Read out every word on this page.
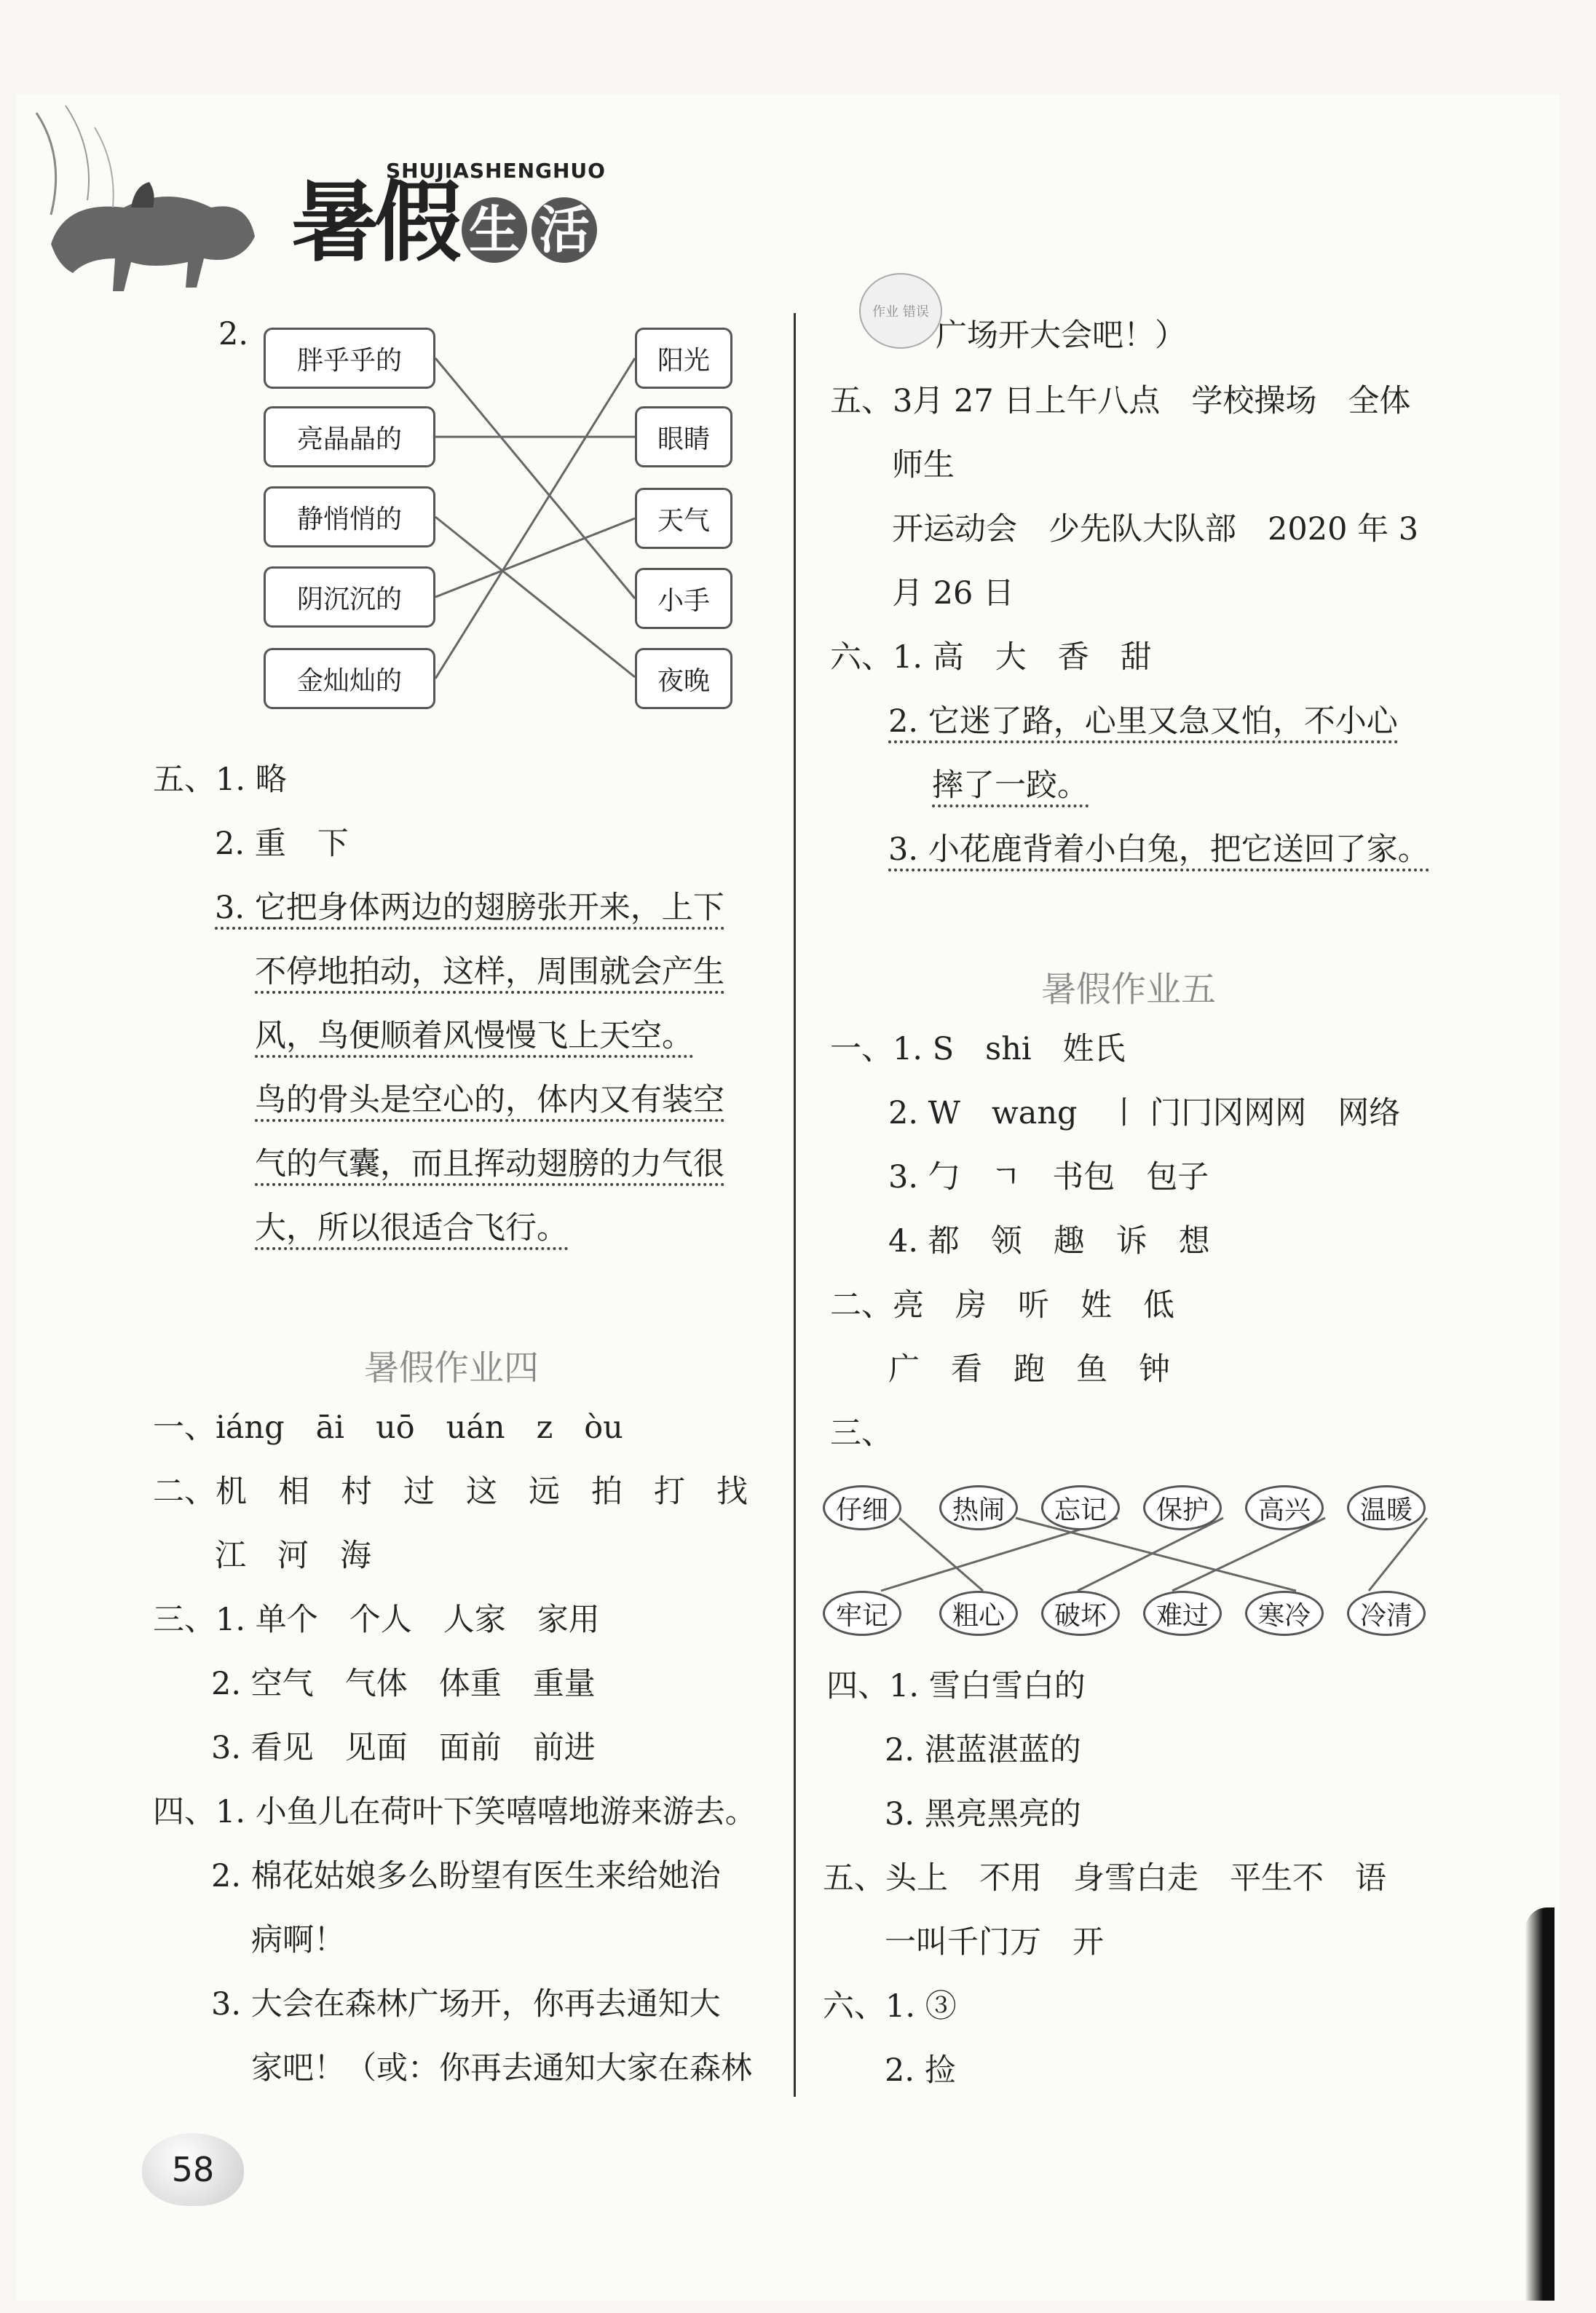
暑假 生 活
SHUJIASHENGHUO
2.
胖乎乎的
亮晶晶的
静悄悄的
阴沉沉的
金灿灿的
阳光
眼睛
天气
小手
夜晚
五、1. 略
2. 重　下
3. 它把身体两边的翅膀张开来，上下
不停地拍动，这样，周围就会产生
风，鸟便顺着风慢慢飞上天空。
鸟的骨头是空心的，体内又有装空
气的气囊，而且挥动翅膀的力气很
大，所以很适合飞行。
暑假作业四
一、iáng　āi　uō　uán　z　òu
二、机　相　村　过　这　远　拍　打　找
江　河　海
三、1. 单个　个人　人家　家用
2. 空气　气体　体重　重量
3. 看见　见面　面前　前进
四、1. 小鱼儿在荷叶下笑嘻嘻地游来游去。
2. 棉花姑娘多么盼望有医生来给她治
病啊！
3. 大会在森林广场开，你再去通知大
家吧！（或：你再去通知大家在森林
58
作业 错误
广场开大会吧！）
五、3月 27 日上午八点　学校操场　全体
师生
开运动会　少先队大队部　2020 年 3
月 26 日
六、1. 高　大　香　甜
2. 它迷了路，心里又急又怕，不小心
摔了一跤。
3. 小花鹿背着小白兔，把它送回了家。
暑假作业五
一、1. S　shi　姓氏
2. W　wang　丨 门冂冈网网　网络
3. 勹　ㄱ　书包　包子
4. 都　领　趣　诉　想
二、亮　房　听　姓　低
广　看　跑　鱼　钟
三、
仔细	热闹	忘记	保护	高兴	温暖
牢记	粗心	破坏	难过	寒冷	冷清
四、1. 雪白雪白的
2. 湛蓝湛蓝的
3. 黑亮黑亮的
五、头上　不用　身雪白走　平生不　语
一叫千门万　开
六、1. ③
2. 捡
